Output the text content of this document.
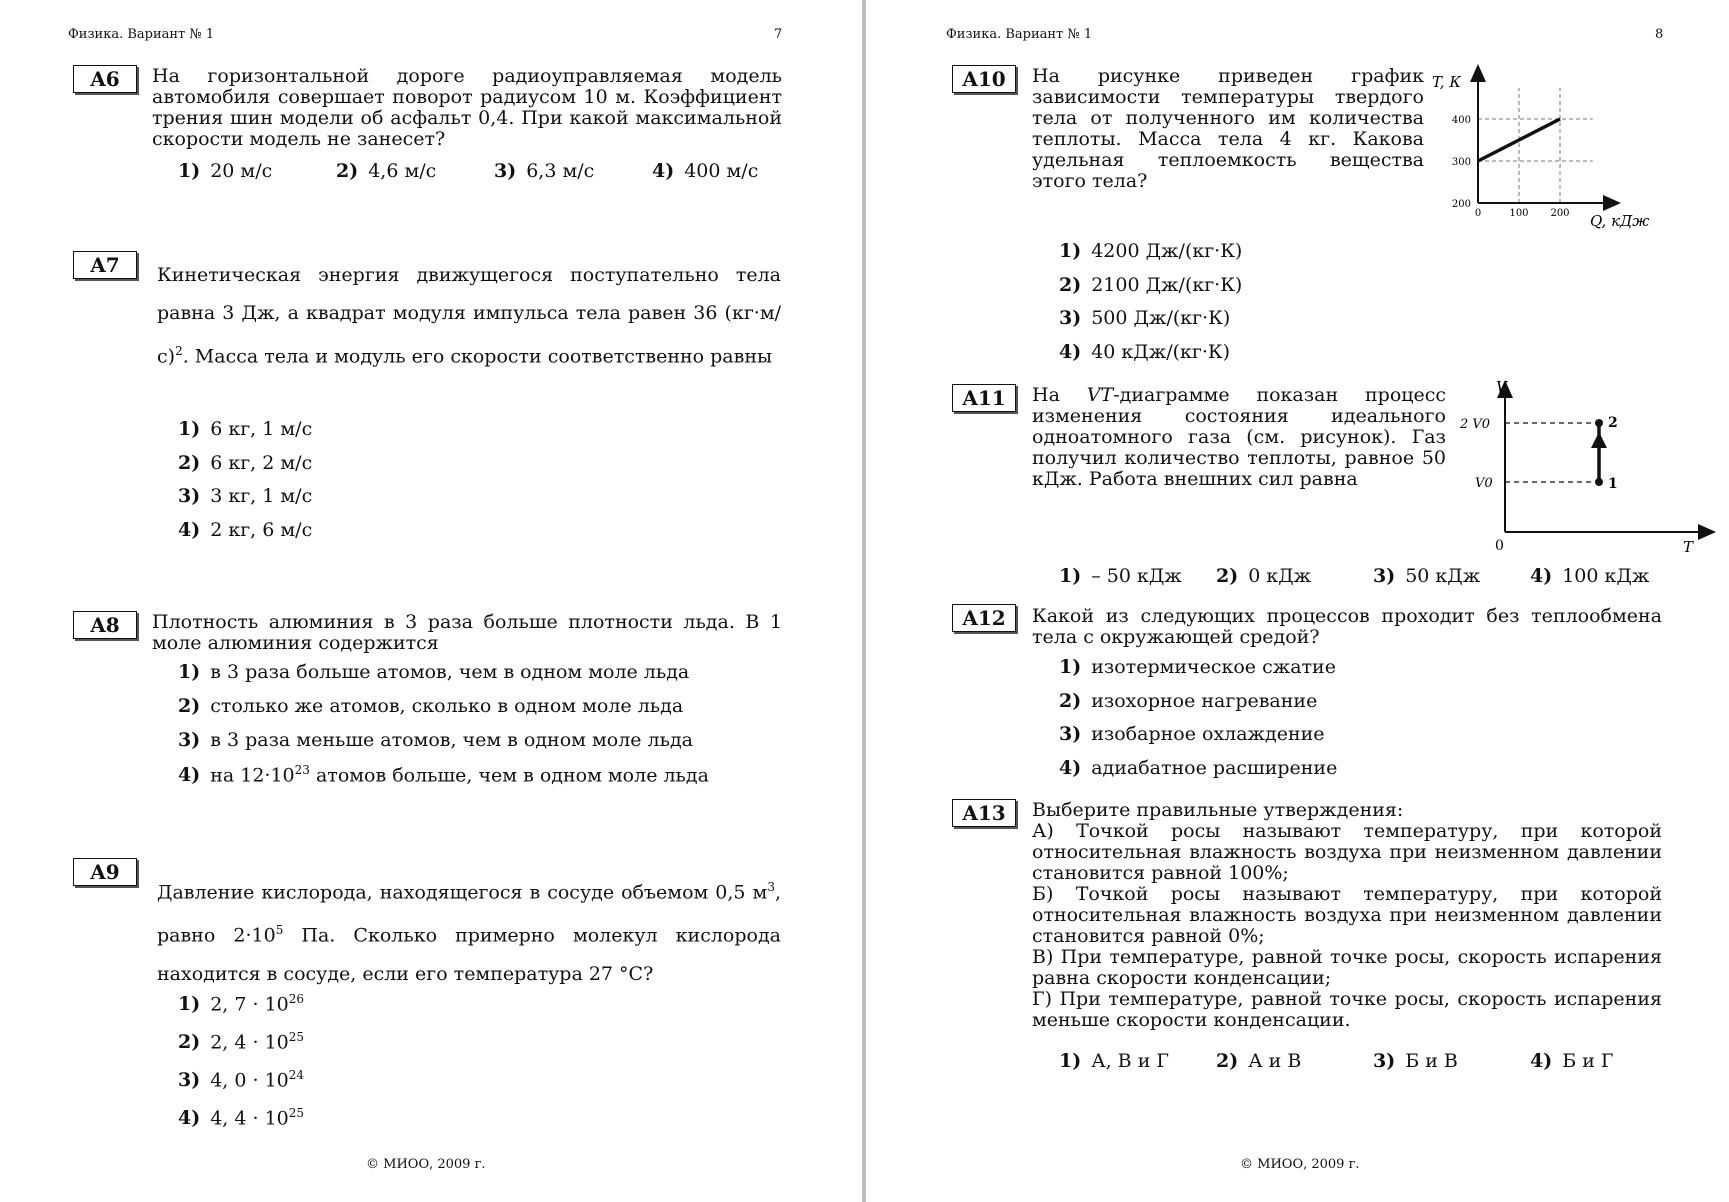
Физика. Вариант № 1	7
A6	На горизонтальной дороге радиоуправляемая модель автомобиля совершает поворот радиусом 10 м. Коэффициент трения шин модели об асфальт 0,4. При какой максимальной скорости модель не занесет?
1) 20 м/с	2) 4,6 м/с	3) 6,3 м/с	4) 400 м/с
A7	Кинетическая энергия движущегося поступательно тела равна 3 Дж, а квадрат модуля импульса тела равен 36 $(кг\cdot м/с)^2$. Масса тела и модуль его скорости соответственно равны
1) 6 кг, 1 м/с
2) 6 кг, 2 м/с
3) 3 кг, 1 м/с
4) 2 кг, 6 м/с
A8	Плотность алюминия в 3 раза больше плотности льда. В 1 моле алюминия содержится
1) в 3 раза больше атомов, чем в одном моле льда
2) столько же атомов, сколько в одном моле льда
3) в 3 раза меньше атомов, чем в одном моле льда
4) на $12\cdot 10^{23}$ атомов больше, чем в одном моле льда
A9
Давление кислорода, находящегося в сосуде объемом 0,5 $м^3$, равно $2\cdot 10^5$ Па. Сколько примерно молекул кислорода находится в сосуде, если его температура 27 °С?
1) 2, $7 \cdot 10^{26}$
2) 2, $4 \cdot 10^{25}$
3) 4, $0 \cdot 10^{24}$
4) 4, $4 \cdot 10^{25}$
© МИОО, 2009 г.
Физика. Вариант № 1	8
A10	На рисунке приведен график зависимости температуры твердого тела от полученного им количества теплоты. Масса тела 4 кг. Какова удельная теплоемкость вещества этого тела?
200
300
400
0	100 200
T, К
Q, кДж
1) 4200 Дж/(кг·К)
2) 2100 Дж/(кг·К)
3) 500 Дж/(кг·К)
4) 40 кДж/(кг·К)
A11	На VT-диаграмме показан процесс изменения состояния идеального одноатомного газа (см. рисунок). Газ получил количество теплоты, равное 50 кДж. Работа внешних сил равна	1
2
V
T
0
2 V0
V0
1) – 50 кДж	2) 0 кДж	3) 50 кДж	4) 100 кДж
A12	Какой из следующих процессов проходит без теплообмена тела с окружающей средой?
1) изотермическое сжатие
2) изохорное нагревание
3) изобарное охлаждение
4) адиабатное расширение
A13	Выберите правильные утверждения:
А) Точкой росы называют температуру, при которой относительная влажность воздуха при неизменном давлении становится равной 100%;
Б) Точкой росы называют температуру, при которой относительная влажность воздуха при неизменном давлении становится равной 0%;
В) При температуре, равной точке росы, скорость испарения равна скорости конденсации;
Г) При температуре, равной точке росы, скорость испарения меньше скорости конденсации.
1) А, В и Г	2) А и В	3) Б и В	4) Б и Г
© МИОО, 2009 г.
